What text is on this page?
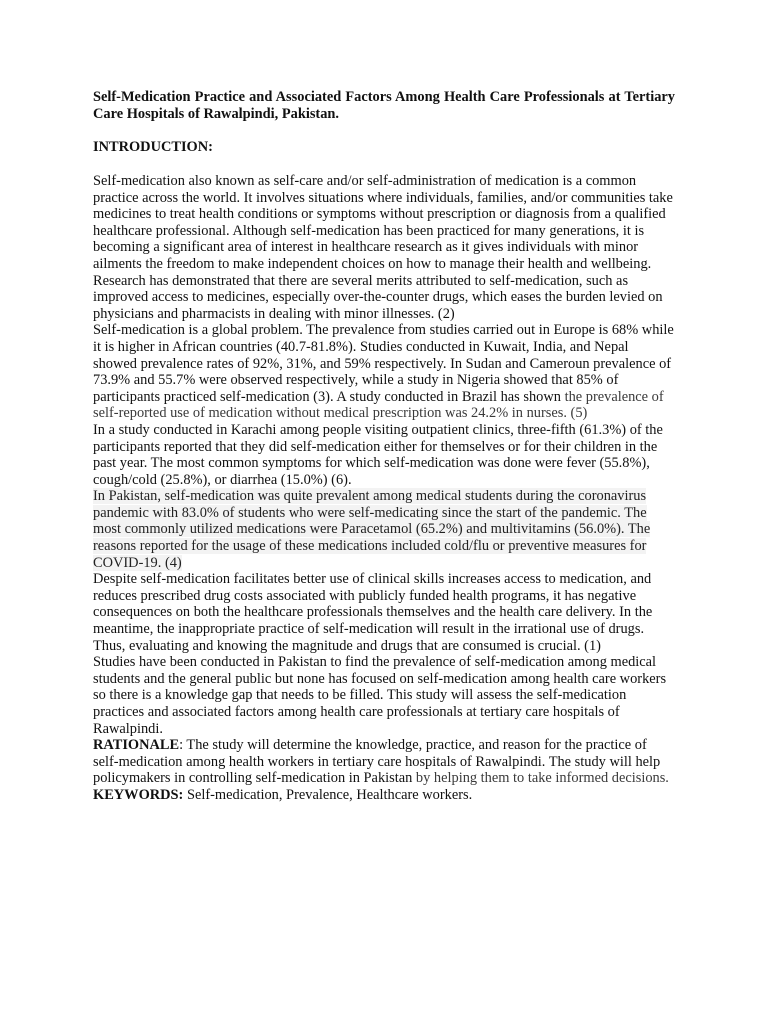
Self-Medication Practice and Associated Factors Among Health Care Professionals at Tertiary Care Hospitals of Rawalpindi, Pakistan.

INTRODUCTION:

Self-medication also known as self-care and/or self-administration of medication is a common practice across the world. It involves situations where individuals, families, and/or communities take medicines to treat health conditions or symptoms without prescription or diagnosis from a qualified healthcare professional. Although self-medication has been practiced for many generations, it is becoming a significant area of interest in healthcare research as it gives individuals with minor ailments the freedom to make independent choices on how to manage their health and wellbeing. Research has demonstrated that there are several merits attributed to self-medication, such as improved access to medicines, especially over-the-counter drugs, which eases the burden levied on physicians and pharmacists in dealing with minor illnesses. (2)

Self-medication is a global problem. The prevalence from studies carried out in Europe is 68% while it is higher in African countries (40.7-81.8%). Studies conducted in Kuwait, India, and Nepal showed prevalence rates of 92%, 31%, and 59% respectively. In Sudan and Cameroun prevalence of 73.9% and 55.7% were observed respectively, while a study in Nigeria showed that 85% of participants practiced self-medication (3). A study conducted in Brazil has shown the prevalence of self-reported use of medication without medical prescription was 24.2% in nurses. (5)

In a study conducted in Karachi among people visiting outpatient clinics, three-fifth (61.3%) of the participants reported that they did self-medication either for themselves or for their children in the past year. The most common symptoms for which self-medication was done were fever (55.8%), cough/cold (25.8%), or diarrhea (15.0%) (6).

In Pakistan, self-medication was quite prevalent among medical students during the coronavirus pandemic with 83.0% of students who were self-medicating since the start of the pandemic. The most commonly utilized medications were Paracetamol (65.2%) and multivitamins (56.0%). The reasons reported for the usage of these medications included cold/flu or preventive measures for COVID-19. (4)

Despite self-medication facilitates better use of clinical skills increases access to medication, and reduces prescribed drug costs associated with publicly funded health programs, it has negative consequences on both the healthcare professionals themselves and the health care delivery. In the meantime, the inappropriate practice of self-medication will result in the irrational use of drugs. Thus, evaluating and knowing the magnitude and drugs that are consumed is crucial. (1)

Studies have been conducted in Pakistan to find the prevalence of self-medication among medical students and the general public but none has focused on self-medication among health care workers so there is a knowledge gap that needs to be filled. This study will assess the self-medication practices and associated factors among health care professionals at tertiary care hospitals of Rawalpindi.

RATIONALE: The study will determine the knowledge, practice, and reason for the practice of self-medication among health workers in tertiary care hospitals of Rawalpindi. The study will help policymakers in controlling self-medication in Pakistan by helping them to take informed decisions.

KEYWORDS: Self-medication, Prevalence, Healthcare workers.
